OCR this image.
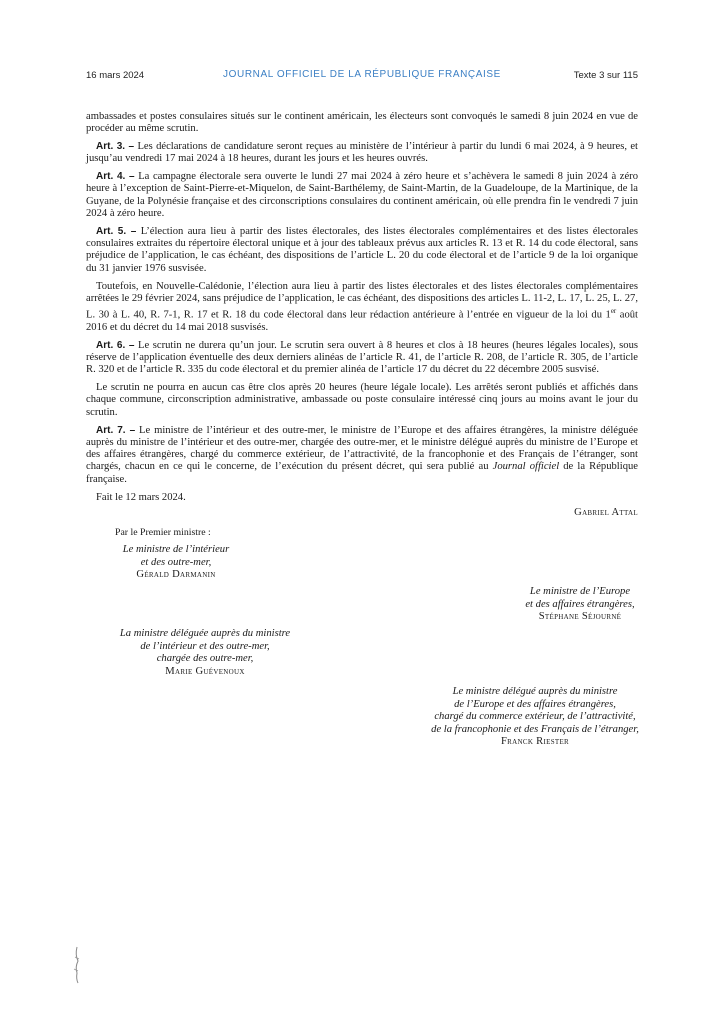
16 mars 2024	JOURNAL OFFICIEL DE LA RÉPUBLIQUE FRANÇAISE	Texte 3 sur 115

ambassades et postes consulaires situés sur le continent américain, les électeurs sont convoqués le samedi 8 juin 2024 en vue de procéder au même scrutin.

Art. 3. – Les déclarations de candidature seront reçues au ministère de l’intérieur à partir du lundi 6 mai 2024, à 9 heures, et jusqu’au vendredi 17 mai 2024 à 18 heures, durant les jours et les heures ouvrés.

Art. 4. – La campagne électorale sera ouverte le lundi 27 mai 2024 à zéro heure et s’achèvera le samedi 8 juin 2024 à zéro heure à l’exception de Saint-Pierre-et-Miquelon, de Saint-Barthélemy, de Saint-Martin, de la Guadeloupe, de la Martinique, de la Guyane, de la Polynésie française et des circonscriptions consulaires du continent américain, où elle prendra fin le vendredi 7 juin 2024 à zéro heure.

Art. 5. – L’élection aura lieu à partir des listes électorales, des listes électorales complémentaires et des listes électorales consulaires extraites du répertoire électoral unique et à jour des tableaux prévus aux articles R. 13 et R. 14 du code électoral, sans préjudice de l’application, le cas échéant, des dispositions de l’article L. 20 du code électoral et de l’article 9 de la loi organique du 31 janvier 1976 susvisée.

Toutefois, en Nouvelle-Calédonie, l’élection aura lieu à partir des listes électorales et des listes électorales complémentaires arrêtées le 29 février 2024, sans préjudice de l’application, le cas échéant, des dispositions des articles L. 11-2, L. 17, L. 25, L. 27, L. 30 à L. 40, R. 7-1, R. 17 et R. 18 du code électoral dans leur rédaction antérieure à l’entrée en vigueur de la loi du 1er août 2016 et du décret du 14 mai 2018 susvisés.

Art. 6. – Le scrutin ne durera qu’un jour. Le scrutin sera ouvert à 8 heures et clos à 18 heures (heures légales locales), sous réserve de l’application éventuelle des deux derniers alinéas de l’article R. 41, de l’article R. 208, de l’article R. 305, de l’article R. 320 et de l’article R. 335 du code électoral et du premier alinéa de l’article 17 du décret du 22 décembre 2005 susvisé.

Le scrutin ne pourra en aucun cas être clos après 20 heures (heure légale locale). Les arrêtés seront publiés et affichés dans chaque commune, circonscription administrative, ambassade ou poste consulaire intéressé cinq jours au moins avant le jour du scrutin.

Art. 7. – Le ministre de l’intérieur et des outre-mer, le ministre de l’Europe et des affaires étrangères, la ministre déléguée auprès du ministre de l’intérieur et des outre-mer, chargée des outre-mer, et le ministre délégué auprès du ministre de l’Europe et des affaires étrangères, chargé du commerce extérieur, de l’attractivité, de la francophonie et des Français de l’étranger, sont chargés, chacun en ce qui le concerne, de l’exécution du présent décret, qui sera publié au Journal officiel de la République française.

Fait le 12 mars 2024.

Gabriel Attal
Par le Premier ministre :
Le ministre de l’intérieur
et des outre-mer,
Gérald Darmanin
Le ministre de l’Europe
et des affaires étrangères,
Stéphane Séjourné
La ministre déléguée auprès du ministre
de l’intérieur et des outre-mer,
chargée des outre-mer,
Marie Guévenoux
Le ministre délégué auprès du ministre
de l’Europe et des affaires étrangères,
chargé du commerce extérieur, de l’attractivité,
de la francophonie et des Français de l’étranger,
Franck Riester
